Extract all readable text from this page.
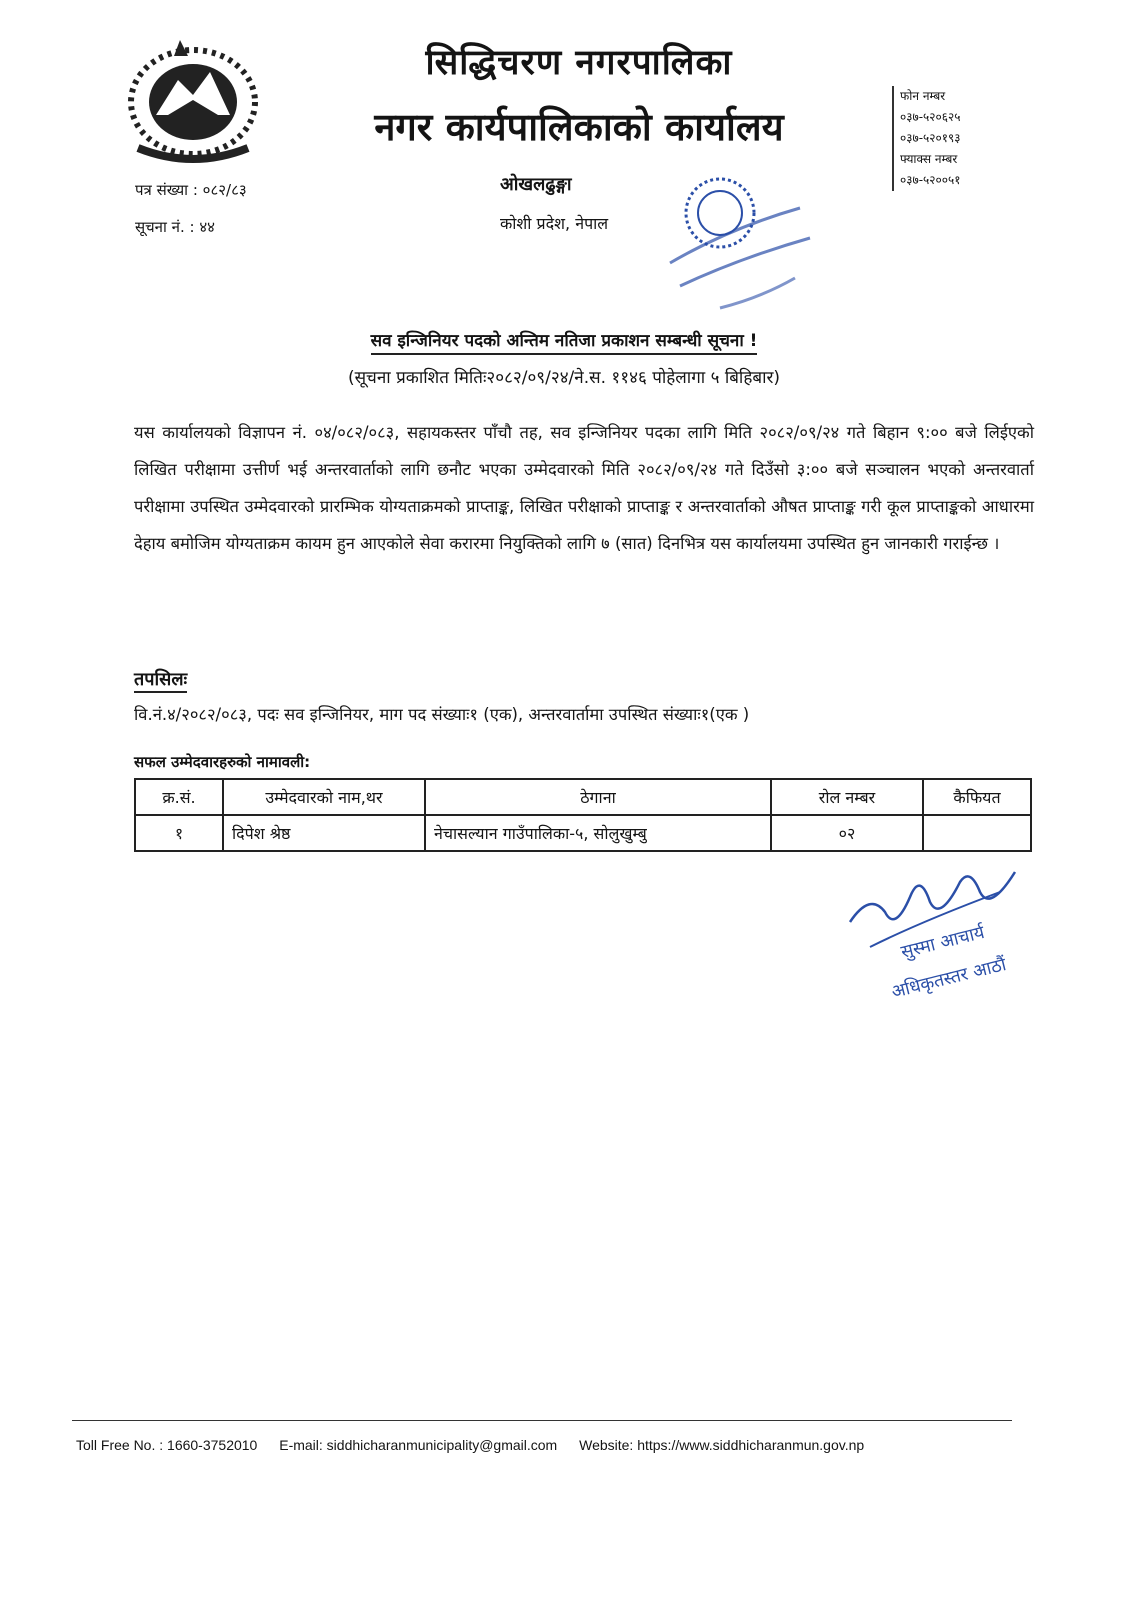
सिद्धिचरण नगरपालिका
नगर कार्यपालिकाको कार्यालय
फोन नम्बर
०३७-५२०६२५
०३७-५२०१९३
फ्याक्स नम्बर
०३७-५२००५१
पत्र संख्या : ०८२/८३
सूचना नं. : ४४
ओखलढुङ्गा
कोशी प्रदेश, नेपाल
सव इन्जिनियर पदको अन्तिम नतिजा प्रकाशन सम्बन्धी सूचना !
(सूचना प्रकाशित मितिः२०८२/०९/२४/ने.स. ११४६ पोहेलागा ५ बिहिबार)
यस कार्यालयको विज्ञापन नं. ०४/०८२/०८३, सहायकस्तर पाँचौ तह, सव इन्जिनियर पदका लागि मिति २०८२/०९/२४ गते बिहान ९:०० बजे लिईएको लिखित परीक्षामा उत्तीर्ण भई अन्तरवार्ताको लागि छनौट भएका उम्मेदवारको मिति २०८२/०९/२४ गते दिउँसो ३:०० बजे सञ्चालन भएको अन्तरवार्ता परीक्षामा उपस्थित उम्मेदवारको प्रारम्भिक योग्यताक्रमको प्राप्ताङ्क, लिखित परीक्षाको प्राप्ताङ्क र अन्तरवार्ताको औषत प्राप्ताङ्क गरी कूल प्राप्ताङ्कको आधारमा देहाय बमोजिम योग्यताक्रम कायम हुन आएकोले सेवा करारमा नियुक्तिको लागि ७ (सात) दिनभित्र यस कार्यालयमा उपस्थित हुन जानकारी गराईन्छ ।
तपसिलः
वि.नं.४/२०८२/०८३, पदः सव इन्जिनियर, माग पद संख्याः१ (एक), अन्तरवार्तामा उपस्थित संख्याः१(एक )
सफल उम्मेदवारहरुको नामावली:
क्र.सं.	उम्मेदवारको नाम,थर	ठेगाना	रोल नम्बर	कैफियत
१	दिपेश श्रेष्ठ	नेचासल्यान गाउँपालिका-५, सोलुखुम्बु	०२	
सुस्मा आचार्य
अधिकृतस्तर आठौं
Toll Free No. : 1660-3752010 E-mail: siddhicharanmunicipality@gmail.com Website: https://www.siddhicharanmun.gov.np
